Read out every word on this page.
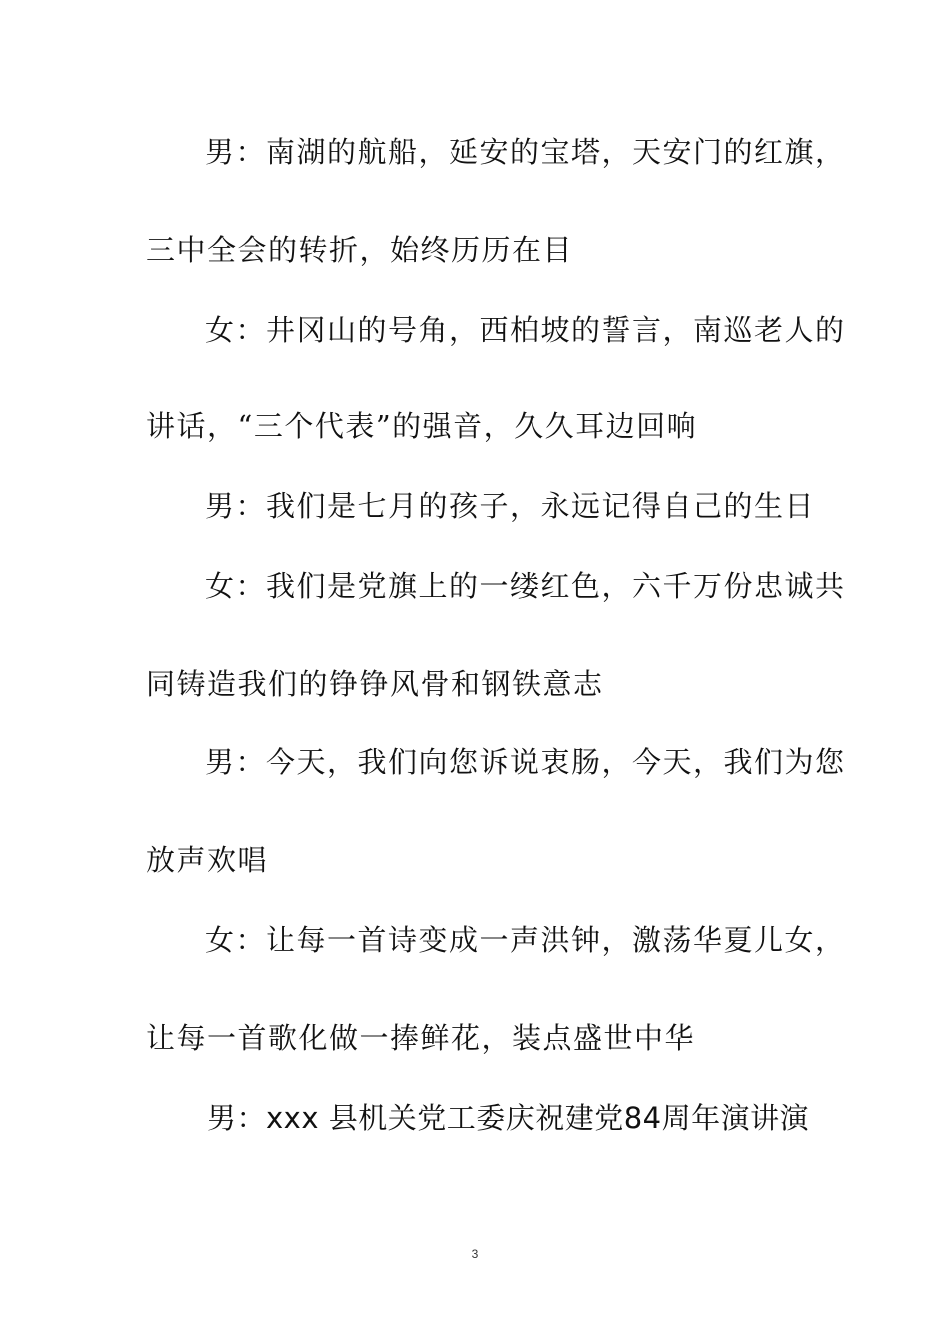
男：南湖的航船，延安的宝塔，天安门的红旗，
三中全会的转折，始终历历在目
女：井冈山的号角，西柏坡的誓言，南巡老人的
讲话，“三个代表”的强音，久久耳边回响
男：我们是七月的孩子，永远记得自己的生日
女：我们是党旗上的一缕红色，六千万份忠诚共
同铸造我们的铮铮风骨和钢铁意志
男：今天，我们向您诉说衷肠，今天，我们为您
放声欢唱
女：让每一首诗变成一声洪钟，激荡华夏儿女，
让每一首歌化做一捧鲜花，装点盛世中华
男：xxx 县机关党工委庆祝建党84周年演讲演
3
